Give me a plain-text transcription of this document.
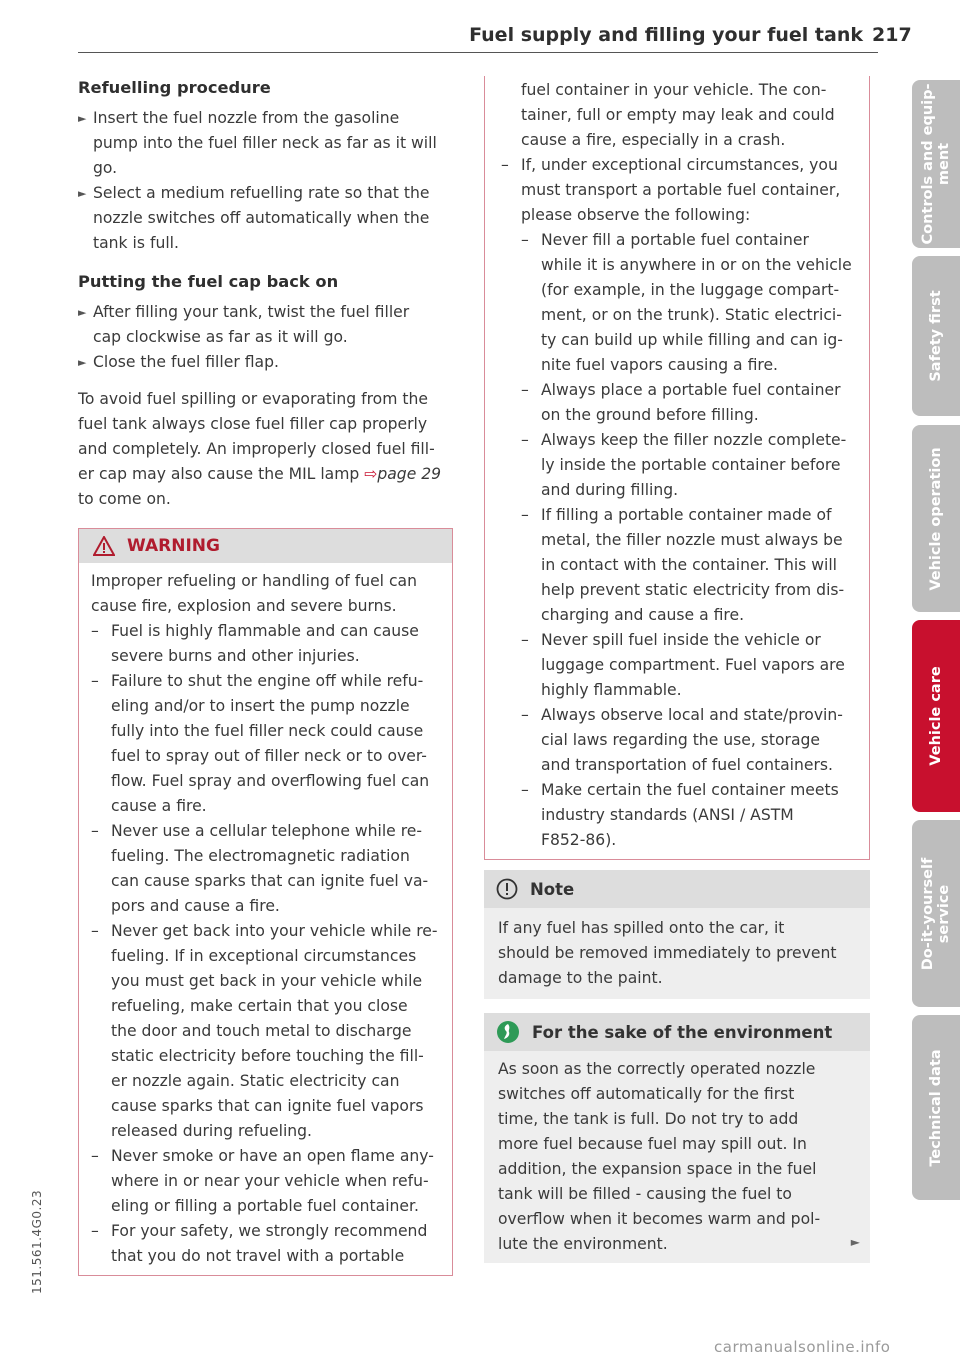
Fuel supply and filling your fuel tank 217
Refuelling procedure
► Insert the fuel nozzle from the gasoline
pump into the fuel filler neck as far as it will
go.
► Select a medium refuelling rate so that the
nozzle switches off automatically when the
tank is full.
Putting the fuel cap back on
► After filling your tank, twist the fuel filler
cap clockwise as far as it will go.
► Close the fuel filler flap.
To avoid fuel spilling or evaporating from the
fuel tank always close fuel filler cap properly
and completely. An improperly closed fuel fill-
er cap may also cause the MIL lamp ⇨page 29
to come on.
WARNING
Improper refueling or handling of fuel can
cause fire, explosion and severe burns.
– Fuel is highly flammable and can cause
severe burns and other injuries.
– Failure to shut the engine off while refu-
eling and/or to insert the pump nozzle
fully into the fuel filler neck could cause
fuel to spray out of filler neck or to over-
flow. Fuel spray and overflowing fuel can
cause a fire.
– Never use a cellular telephone while re-
fueling. The electromagnetic radiation
can cause sparks that can ignite fuel va-
pors and cause a fire.
– Never get back into your vehicle while re-
fueling. If in exceptional circumstances
you must get back in your vehicle while
refueling, make certain that you close
the door and touch metal to discharge
static electricity before touching the fill-
er nozzle again. Static electricity can
cause sparks that can ignite fuel vapors
released during refueling.
– Never smoke or have an open flame any-
where in or near your vehicle when refu-
eling or filling a portable fuel container.
– For your safety, we strongly recommend
that you do not travel with a portable
fuel container in your vehicle. The con-
tainer, full or empty may leak and could
cause a fire, especially in a crash.
– If, under exceptional circumstances, you
must transport a portable fuel container,
please observe the following:
– Never fill a portable fuel container
while it is anywhere in or on the vehicle
(for example, in the luggage compart-
ment, or on the trunk). Static electrici-
ty can build up while filling and can ig-
nite fuel vapors causing a fire.
– Always place a portable fuel container
on the ground before filling.
– Always keep the filler nozzle complete-
ly inside the portable container before
and during filling.
– If filling a portable container made of
metal, the filler nozzle must always be
in contact with the container. This will
help prevent static electricity from dis-
charging and cause a fire.
– Never spill fuel inside the vehicle or
luggage compartment. Fuel vapors are
highly flammable.
– Always observe local and state/provin-
cial laws regarding the use, storage
and transportation of fuel containers.
– Make certain the fuel container meets
industry standards (ANSI / ASTM
F852-86).
Note
If any fuel has spilled onto the car, it
should be removed immediately to prevent
damage to the paint.
For the sake of the environment
As soon as the correctly operated nozzle
switches off automatically for the first
time, the tank is full. Do not try to add
more fuel because fuel may spill out. In
addition, the expansion space in the fuel
tank will be filled - causing the fuel to
overflow when it becomes warm and pol-
lute the environment.	►
Controls and equip-
ment
Safety first
Vehicle operation
Vehicle care
Do-it-yourself
service
Technical data
151.561.4G0.23
carmanualsonline.info
